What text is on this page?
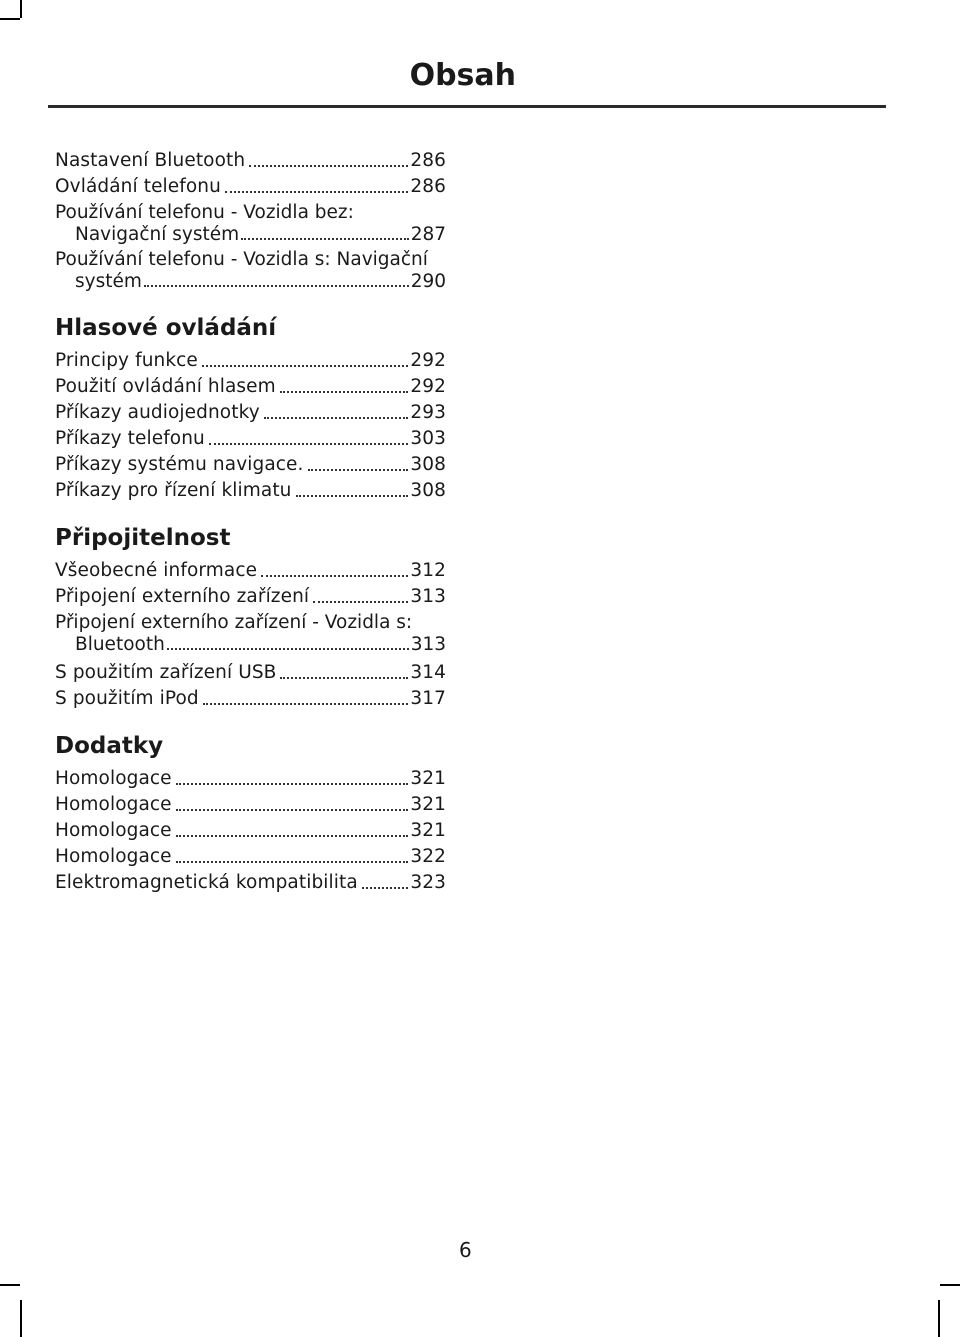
Obsah
Nastavení Bluetooth	286
Ovládání telefonu	286
Používání telefonu - Vozidla bez:
Navigační systém	287
Používání telefonu - Vozidla s: Navigační
systém	290
Hlasové ovládání
Principy funkce	292
Použití ovládání hlasem	292
Příkazy audiojednotky	293
Příkazy telefonu	303
Příkazy systému navigace.	308
Příkazy pro řízení klimatu	308
Připojitelnost
Všeobecné informace	312
Připojení externího zařízení	313
Připojení externího zařízení - Vozidla s:
Bluetooth	313
S použitím zařízení USB	314
S použitím iPod	317
Dodatky
Homologace	321
Homologace	321
Homologace	321
Homologace	322
Elektromagnetická kompatibilita	323
6
